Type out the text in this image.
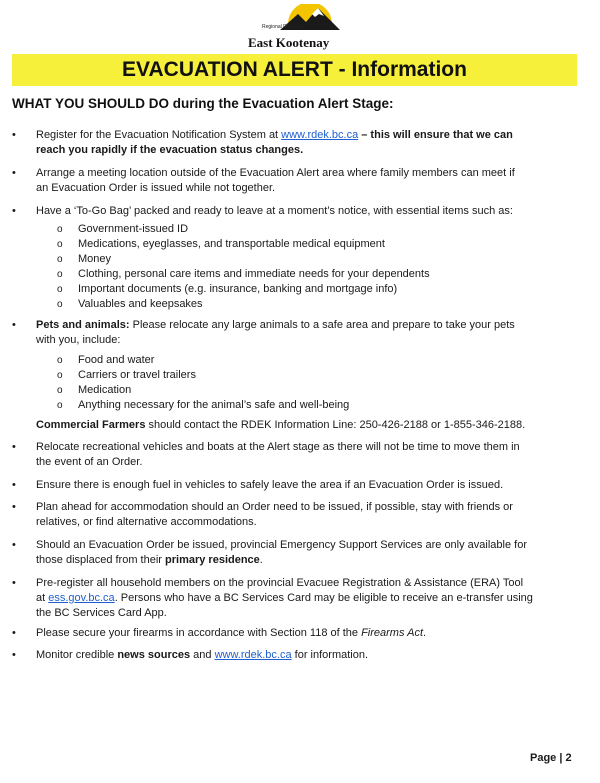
Regional District of
East Kootenay
EVACUATION ALERT - Information
WHAT YOU SHOULD DO during the Evacuation Alert Stage:
• Register for the Evacuation Notification System at www.rdek.bc.ca – this will ensure that we can
reach you rapidly if the evacuation status changes.
• Arrange a meeting location outside of the Evacuation Alert area where family members can meet if
an Evacuation Order is issued while not together.
• Have a ‘To-Go Bag’ packed and ready to leave at a moment’s notice, with essential items such as:
o Government-issued ID
o Medications, eyeglasses, and transportable medical equipment
o Money
o Clothing, personal care items and immediate needs for your dependents
o Important documents (e.g. insurance, banking and mortgage info)
o Valuables and keepsakes
• Pets and animals: Please relocate any large animals to a safe area and prepare to take your pets
with you, include:
o Food and water
o Carriers or travel trailers
o Medication
o Anything necessary for the animal’s safe and well-being
Commercial Farmers should contact the RDEK Information Line: 250-426-2188 or 1-855-346-2188.
• Relocate recreational vehicles and boats at the Alert stage as there will not be time to move them in
the event of an Order.
• Ensure there is enough fuel in vehicles to safely leave the area if an Evacuation Order is issued.
• Plan ahead for accommodation should an Order need to be issued, if possible, stay with friends or
relatives, or find alternative accommodations.
• Should an Evacuation Order be issued, provincial Emergency Support Services are only available for
those displaced from their primary residence.
• Pre-register all household members on the provincial Evacuee Registration & Assistance (ERA) Tool
at ess.gov.bc.ca. Persons who have a BC Services Card may be eligible to receive an e-transfer using
the BC Services Card App.
• Please secure your firearms in accordance with Section 118 of the Firearms Act.
• Monitor credible news sources and www.rdek.bc.ca for information.
Page | 2
